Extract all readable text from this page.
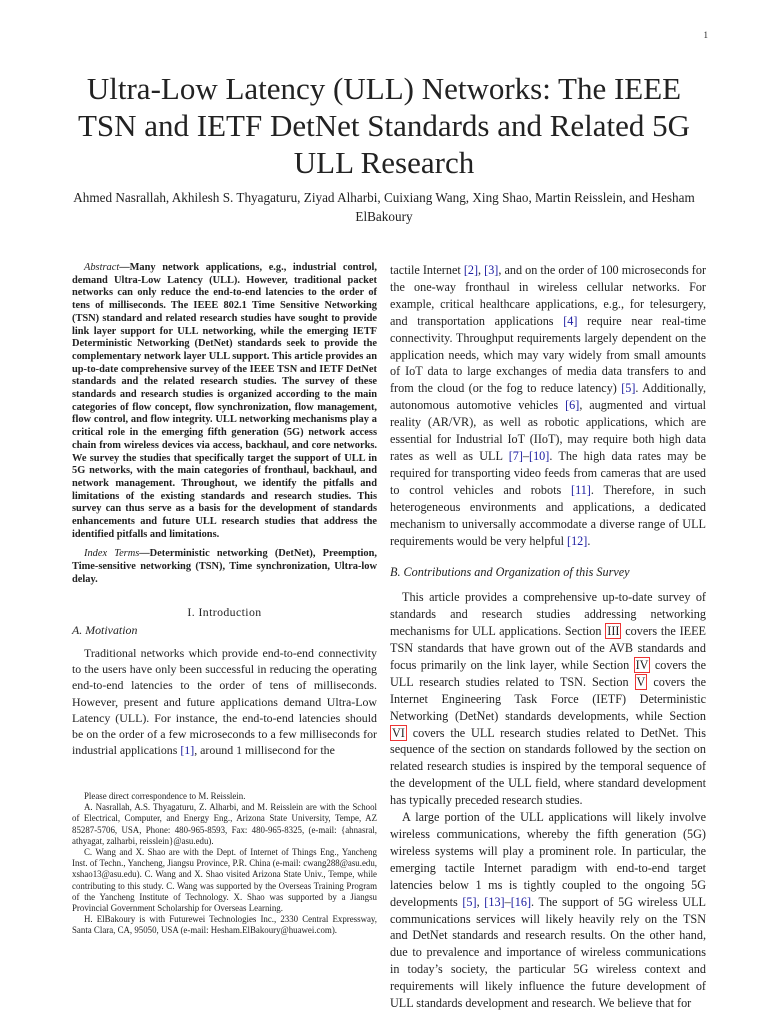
1
Ultra-Low Latency (ULL) Networks: The IEEE TSN and IETF DetNet Standards and Related 5G ULL Research
Ahmed Nasrallah, Akhilesh S. Thyagaturu, Ziyad Alharbi, Cuixiang Wang, Xing Shao, Martin Reisslein, and Hesham ElBakoury

Abstract—Many network applications, e.g., industrial control, demand Ultra-Low Latency (ULL). However, traditional packet networks can only reduce the end-to-end latencies to the order of tens of milliseconds. The IEEE 802.1 Time Sensitive Networking (TSN) standard and related research studies have sought to provide link layer support for ULL networking, while the emerging IETF Deterministic Networking (DetNet) standards seek to provide the complementary network layer ULL support. This article provides an up-to-date comprehensive survey of the IEEE TSN and IETF DetNet standards and the related research studies. The survey of these standards and research studies is organized according to the main categories of flow concept, flow synchronization, flow management, flow control, and flow integrity. ULL networking mechanisms play a critical role in the emerging fifth generation (5G) network access chain from wireless devices via access, backhaul, and core networks. We survey the studies that specifically target the support of ULL in 5G networks, with the main categories of fronthaul, backhaul, and network management. Throughout, we identify the pitfalls and limitations of the existing standards and research studies. This survey can thus serve as a basis for the development of standards enhancements and future ULL research studies that address the identified pitfalls and limitations.

Index Terms—Deterministic networking (DetNet), Preemption, Time-sensitive networking (TSN), Time synchronization, Ultra-low delay.

I. Introduction
A. Motivation

Traditional networks which provide end-to-end connectivity to the users have only been successful in reducing the operating end-to-end latencies to the order of tens of milliseconds. However, present and future applications demand Ultra-Low Latency (ULL). For instance, the end-to-end latencies should be on the order of a few microseconds to a few milliseconds for industrial applications [1], around 1 millisecond for the

Please direct correspondence to M. Reisslein.

A. Nasrallah, A.S. Thyagaturu, Z. Alharbi, and M. Reisslein are with the School of Electrical, Computer, and Energy Eng., Arizona State University, Tempe, AZ 85287-5706, USA, Phone: 480-965-8593, Fax: 480-965-8325, (e-mail: {ahnasral, athyagat, zalharbi, reisslein}@asu.edu).

C. Wang and X. Shao are with the Dept. of Internet of Things Eng., Yancheng Inst. of Techn., Yancheng, Jiangsu Province, P.R. China (e-mail: cwang288@asu.edu, xshao13@asu.edu). C. Wang and X. Shao visited Arizona State Univ., Tempe, while contributing to this study. C. Wang was supported by the Overseas Training Program of the Yancheng Institute of Technology. X. Shao was supported by a Jiangsu Provincial Government Scholarship for Overseas Learning.

H. ElBakoury is with Futurewei Technologies Inc., 2330 Central Expressway, Santa Clara, CA, 95050, USA (e-mail: Hesham.ElBakoury@huawei.com).

tactile Internet [2], [3], and on the order of 100 microseconds for the one-way fronthaul in wireless cellular networks. For example, critical healthcare applications, e.g., for telesurgery, and transportation applications [4] require near real-time connectivity. Throughput requirements largely dependent on the application needs, which may vary widely from small amounts of IoT data to large exchanges of media data transfers to and from the cloud (or the fog to reduce latency) [5]. Additionally, autonomous automotive vehicles [6], augmented and virtual reality (AR/VR), as well as robotic applications, which are essential for Industrial IoT (IIoT), may require both high data rates as well as ULL [7]–[10]. The high data rates may be required for transporting video feeds from cameras that are used to control vehicles and robots [11]. Therefore, in such heterogeneous environments and applications, a dedicated mechanism to universally accommodate a diverse range of ULL requirements would be very helpful [12].

B. Contributions and Organization of this Survey

This article provides a comprehensive up-to-date survey of standards and research studies addressing networking mechanisms for ULL applications. Section III covers the IEEE TSN standards that have grown out of the AVB standards and focus primarily on the link layer, while Section IV covers the ULL research studies related to TSN. Section V covers the Internet Engineering Task Force (IETF) Deterministic Networking (DetNet) standards developments, while Section VI covers the ULL research studies related to DetNet. This sequence of the section on standards followed by the section on related research studies is inspired by the temporal sequence of the development of the ULL field, where standard development has typically preceded research studies.

A large portion of the ULL applications will likely involve wireless communications, whereby the fifth generation (5G) wireless systems will play a prominent role. In particular, the emerging tactile Internet paradigm with end-to-end target latencies below 1 ms is tightly coupled to the ongoing 5G developments [5], [13]–[16]. The support of 5G wireless ULL communications services will likely heavily rely on the TSN and DetNet standards and research results. On the other hand, due to prevalence and importance of wireless communications in today’s society, the particular 5G wireless context and requirements will likely influence the future development of ULL standards development and research. We believe that for
